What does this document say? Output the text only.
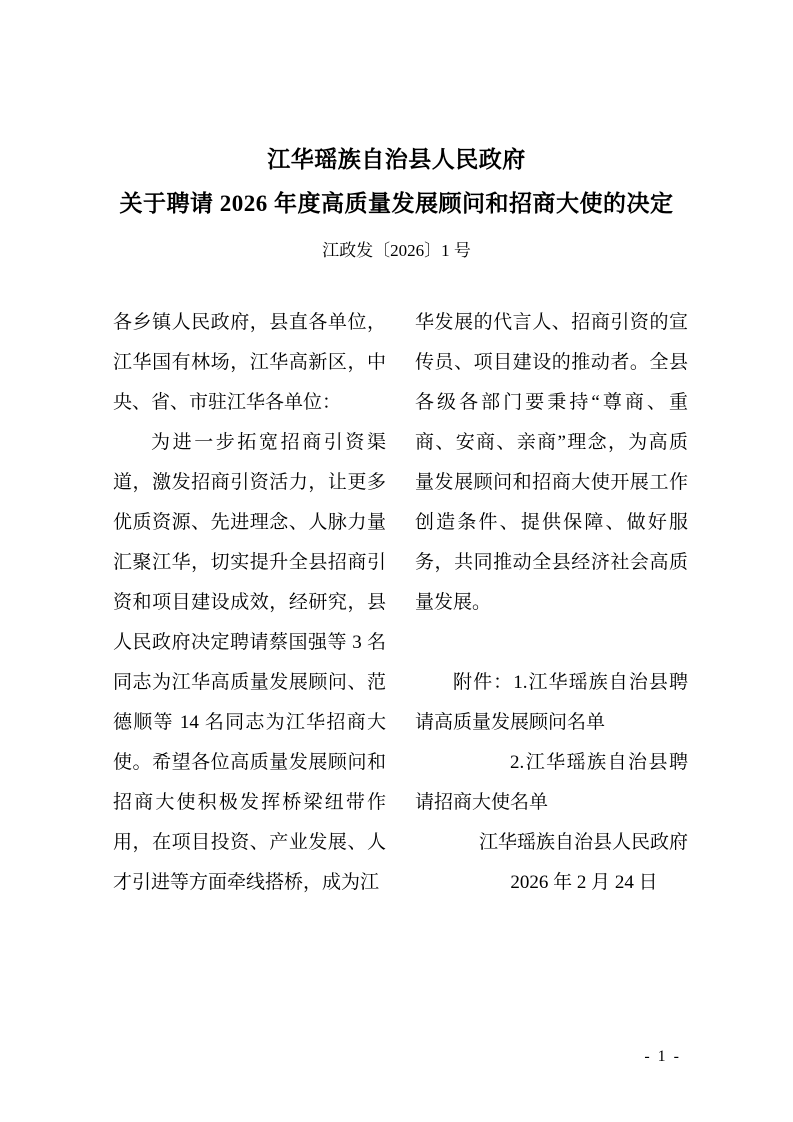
江华瑶族自治县人民政府
关于聘请 2026 年度高质量发展顾问和招商大使的决定
江政发〔2026〕1 号

各乡镇人民政府，县直各单位，江华国有林场，江华高新区，中央、省、市驻江华各单位：

为进一步拓宽招商引资渠道，激发招商引资活力，让更多优质资源、先进理念、人脉力量汇聚江华，切实提升全县招商引资和项目建设成效，经研究，县人民政府决定聘请蔡国强等 3 名同志为江华高质量发展顾问、范德顺等 14 名同志为江华招商大使。希望各位高质量发展顾问和招商大使积极发挥桥梁纽带作用，在项目投资、产业发展、人才引进等方面牵线搭桥，成为江

华发展的代言人、招商引资的宣传员、项目建设的推动者。全县各级各部门要秉持“尊商、重商、安商、亲商”理念，为高质量发展顾问和招商大使开展工作创造条件、提供保障、做好服务，共同推动全县经济社会高质量发展。

附件：1.江华瑶族自治县聘请高质量发展顾问名单

2.江华瑶族自治县聘请招商大使名单

江华瑶族自治县人民政府

2026 年 2 月 24 日

- 1 -
